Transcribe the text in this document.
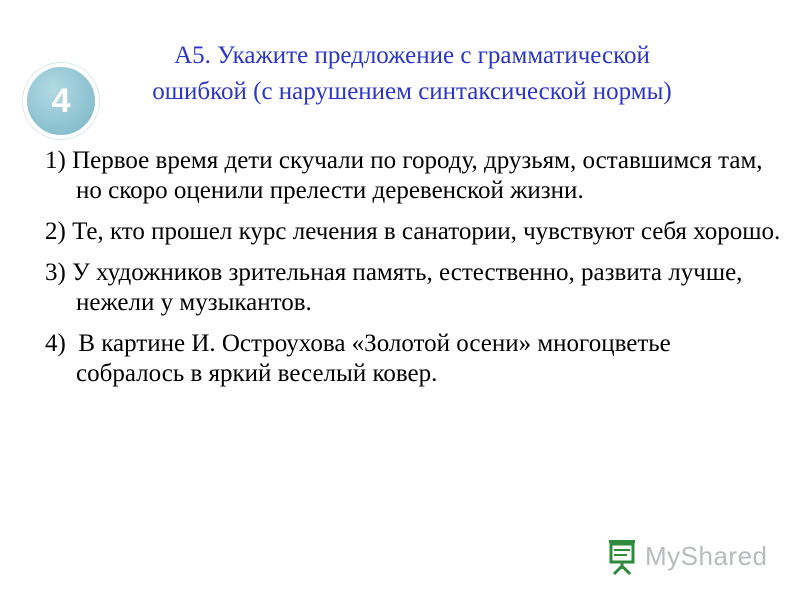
А5. Укажите предложение с грамматической
ошибкой (с нарушением синтаксической нормы)
4
1) Первое время дети скучали по городу, друзьям, оставшимся там, но скоро оценили прелести деревенской жизни.
2) Те, кто прошел курс лечения в санатории, чувствуют себя хорошо.
3) У художников зрительная память, естественно, развита лучше, нежели у музыкантов.
4)  В картине И. Остроухова «Золотой осени» многоцветье собралось в яркий веселый ковер.
MyShared
